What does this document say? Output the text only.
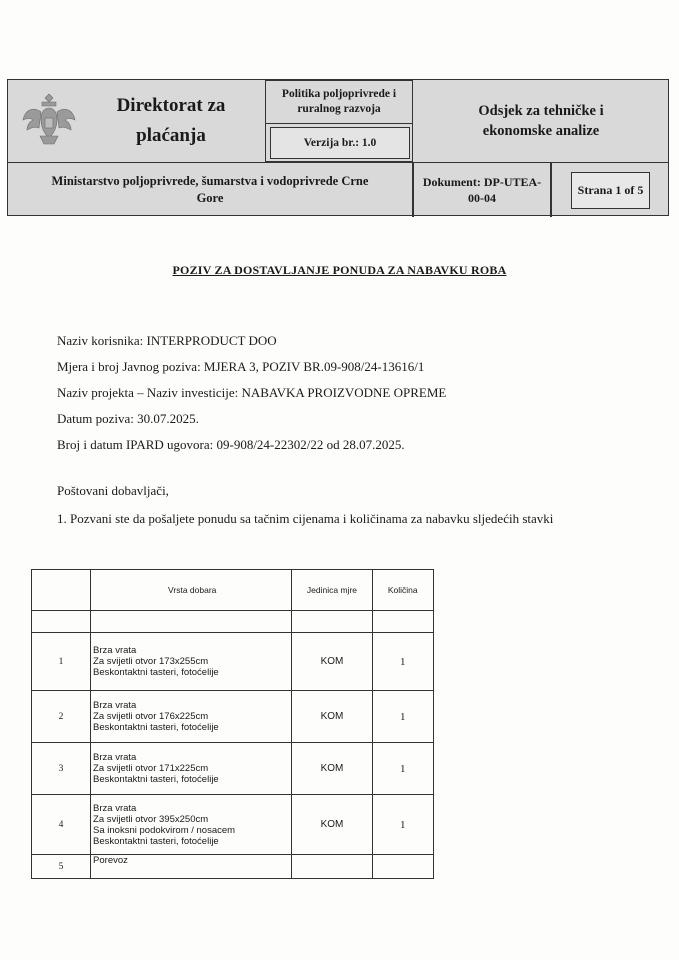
Direktorat za
plaćanja
Politika poljoprivrede i
ruralnog razvoja
Verzija br.: 1.0
Odsjek za tehničke i
ekonomske analize
Ministarstvo poljoprivrede, šumarstva i vodoprivrede Crne
Gore
Dokument: DP-UTEA-
00-04
Strana 1 of 5
POZIV ZA DOSTAVLJANJE PONUDA ZA NABAVKU ROBA
Naziv korisnika: INTERPRODUCT DOO
Mjera i broj Javnog poziva: MJERA 3, POZIV BR.09-908/24-13616/1
Naziv projekta – Naziv investicije: NABAVKA PROIZVODNE OPREME
Datum poziva: 30.07.2025.
Broj i datum IPARD ugovora: 09-908/24-22302/22 od 28.07.2025.
Poštovani dobavljači,
1. Pozvani ste da pošaljete ponudu sa tačnim cijenama i količinama za nabavku sljedećih stavki
	Vrsta dobara	Jedinica mjre	Količina

1	Brza vrata
Za svijetli otvor 173x255cm
Beskontaktni tasteri, fotoćelije	KOM	1
2	Brza vrata
Za svijetli otvor 176x225cm
Beskontaktni tasteri, fotoćelije	KOM	1
3	Brza vrata
Za svijetli otvor 171x225cm
Beskontaktni tasteri, fotoćelije	KOM	1
4	Brza vrata
Za svijetli otvor 395x250cm
Sa inoksni podokvirom / nosacem
Beskontaktni tasteri, fotoćelije	KOM	1
5	Porevoz		
